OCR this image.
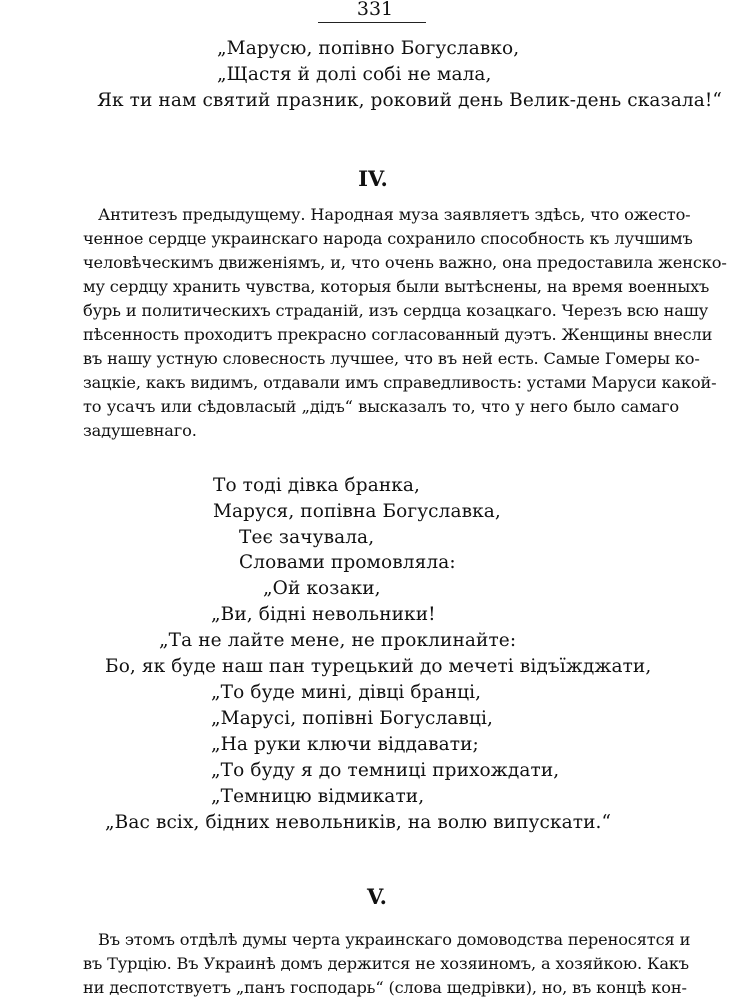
331
„Марусю, попівно Богуславко,
„Щастя й долі собі не мала,
Як ти нам святий празник, роковий день Велик-день сказала!“
IV.
Антитезъ предыдущему. Народная муза заявляетъ здѣсь, что ожесто-
ченное сердце украинскаго народа сохранило способность къ лучшимъ
человѣческимъ движеніямъ, и, что очень важно, она предоставила женско-
му сердцу хранить чувства, которыя были вытѣснены, на время военныхъ
бурь и политическихъ страданій, изъ сердца козацкаго. Черезъ всю нашу
пѣсенность проходитъ прекрасно согласованный дуэтъ. Женщины внесли
въ нашу устную словесность лучшее, что въ ней есть. Самые Гомеры ко-
зацкіе, какъ видимъ, отдавали имъ справедливость: устами Маруси какой-
то усачъ или сѣдовласый „дідъ“ высказалъ то, что у него было самаго
задушевнаго.
То тоді дівка бранка,
Маруся, попівна Богуславка,
Теє зачувала,
Словами промовляла:
„Ой козаки,
„Ви, бідні невольники!
„Та не лайте мене, не проклинайте:
Бо, як буде наш пан турецький до мечеті відъїжджати,
„То буде мині, дівці бранці,
„Марусі, попівні Богуславці,
„На руки ключи віддавати;
„То буду я до темниці прихождати,
„Темницю відмикати,
„Вас всіх, бідних невольників, на волю випускати.“
V.
Въ этомъ отдѣлѣ думы черта украинскаго домоводства переносятся и
въ Турцію. Въ Украинѣ домъ держится не хозяиномъ, а хозяйкою. Какъ
ни деспотствуетъ „панъ господарь“ (слова щедрівки), но, въ концѣ кон-
